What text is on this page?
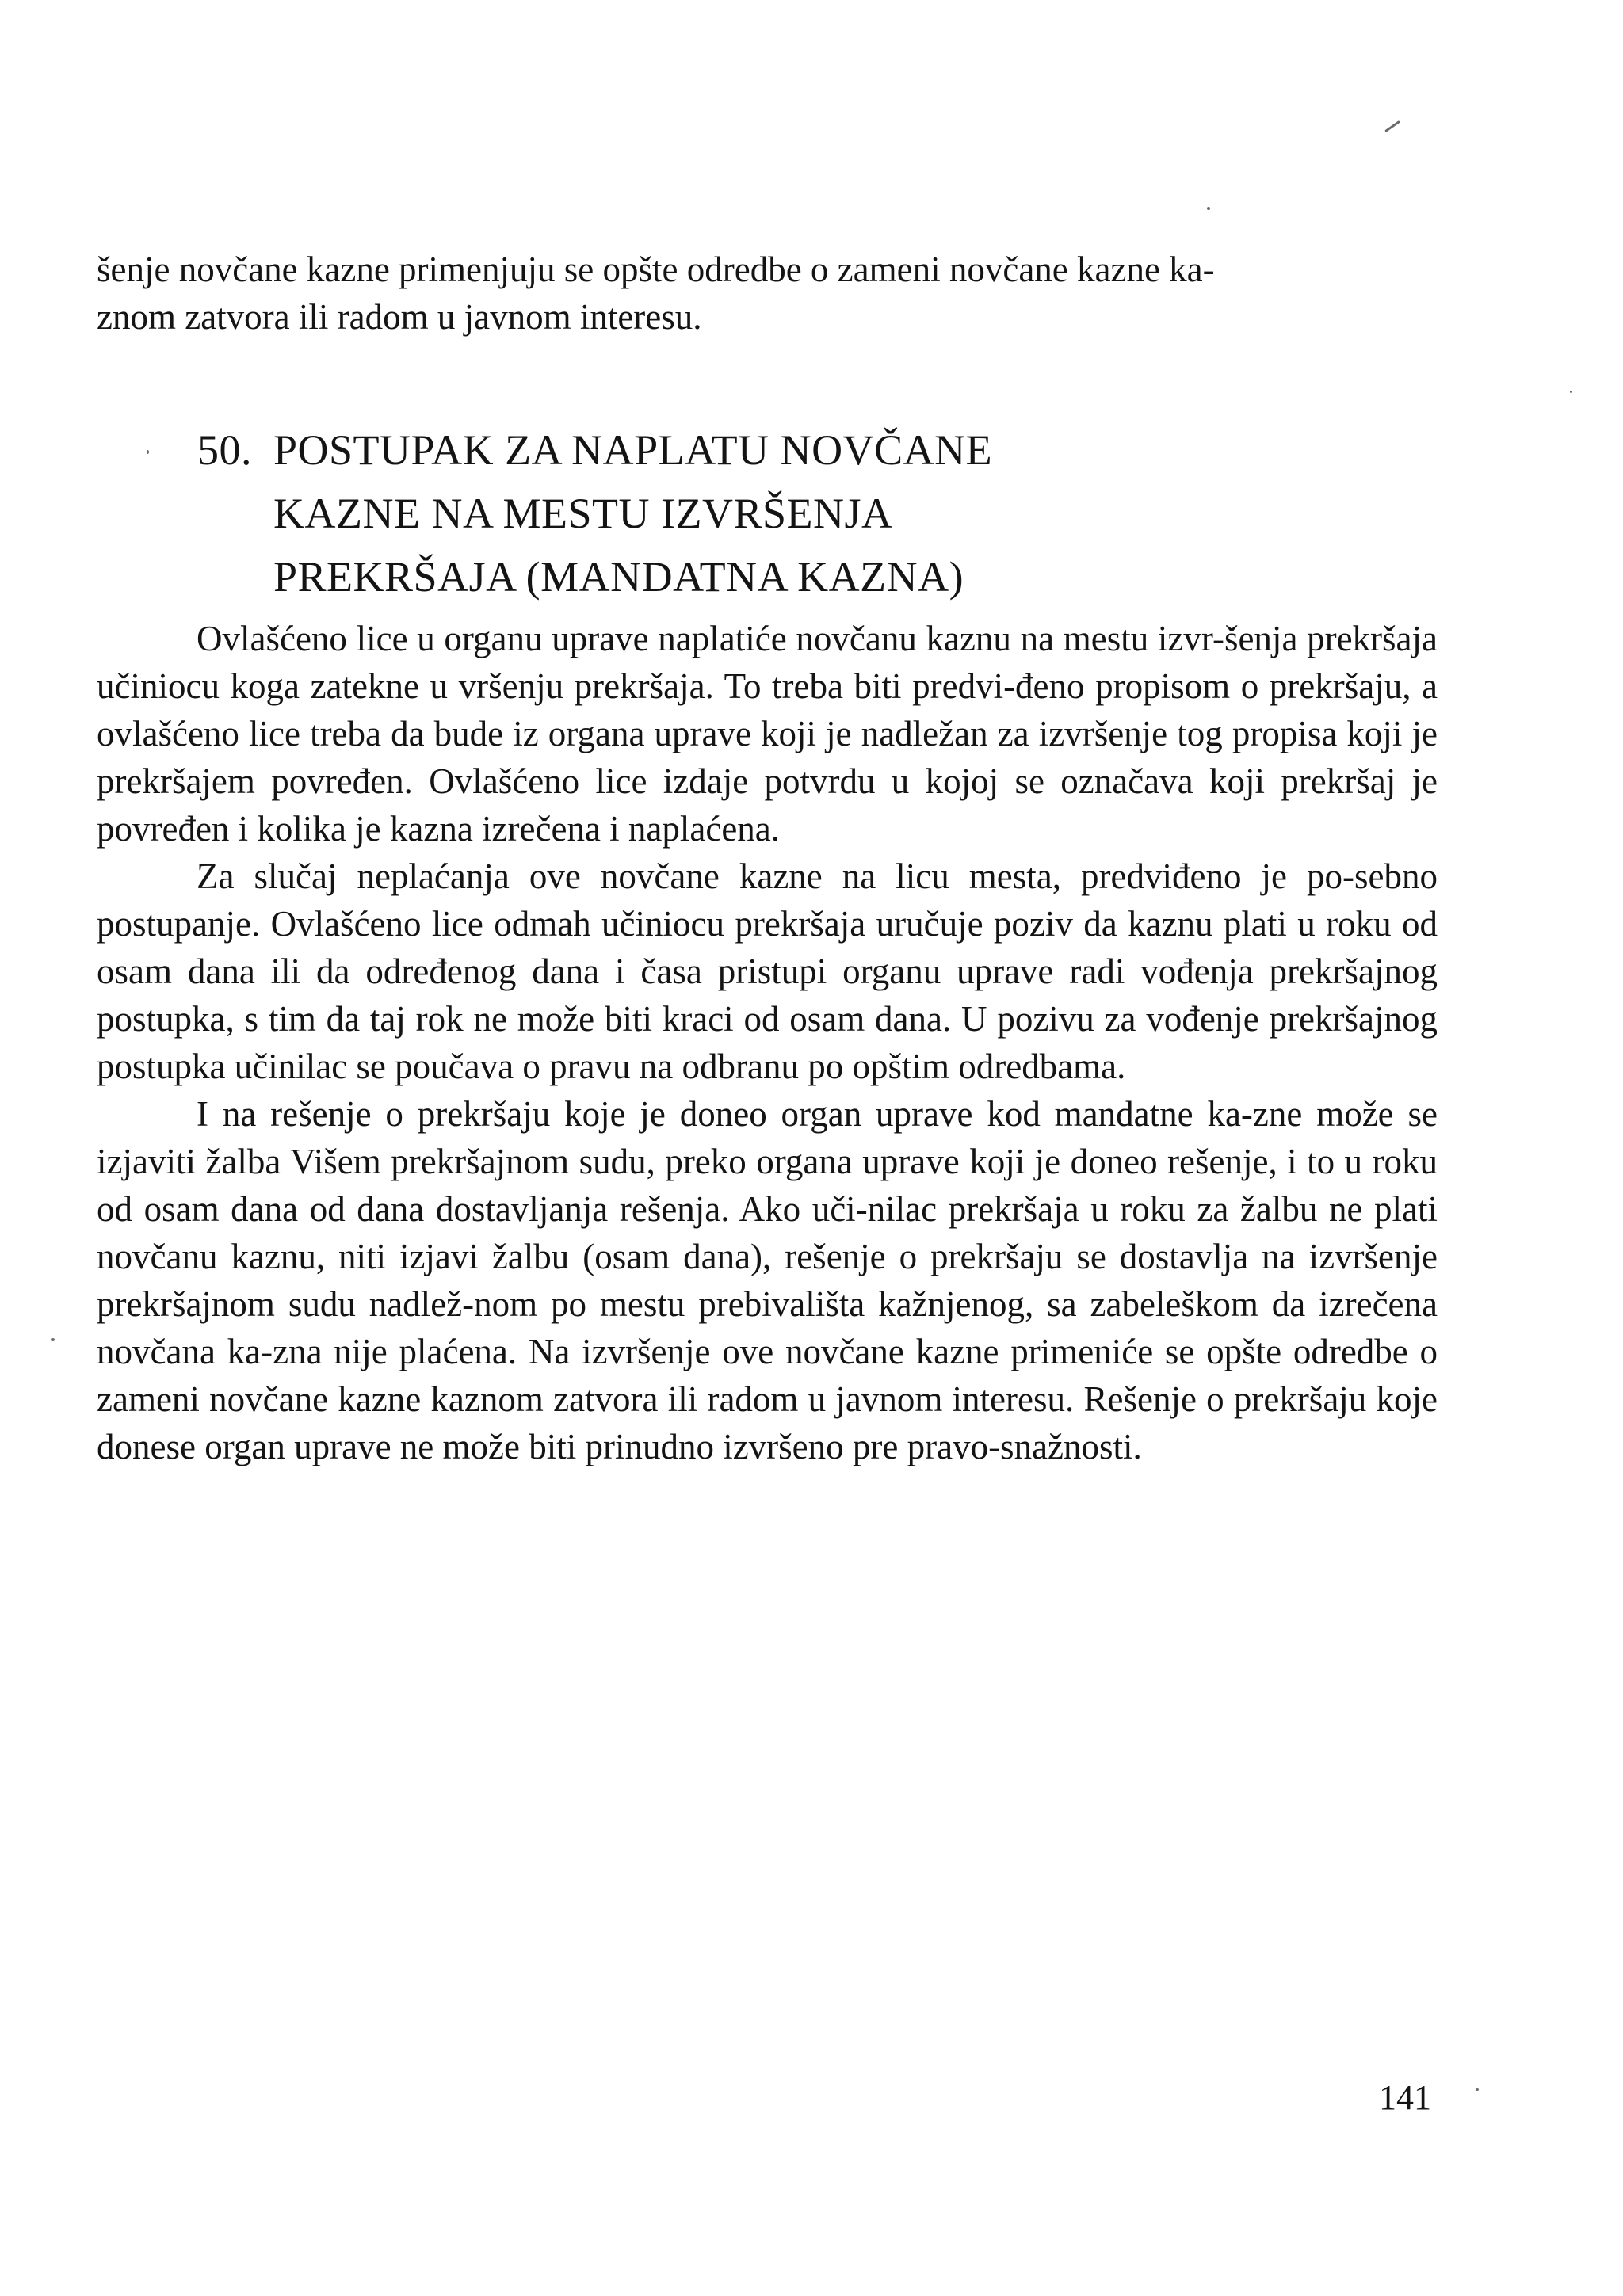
šenje novčane kazne primenjuju se opšte odredbe o zameni novčane kazne ka-
znom zatvora ili radom u javnom interesu.

50. POSTUPAK ZA NAPLATU NOVČANE
KAZNE NA MESTU IZVRŠENJA
PREKRŠAJA (MANDATNA KAZNA)

Ovlašćeno lice u organu uprave naplatiće novčanu kaznu na mestu izvr-šenja prekršaja učiniocu koga zatekne u vršenju prekršaja. To treba biti predvi-đeno propisom o prekršaju, a ovlašćeno lice treba da bude iz organa uprave koji je nadležan za izvršenje tog propisa koji je prekršajem povređen. Ovlašćeno lice izdaje potvrdu u kojoj se označava koji prekršaj je povređen i kolika je kazna izrečena i naplaćena.

Za slučaj neplaćanja ove novčane kazne na licu mesta, predviđeno je po-sebno postupanje. Ovlašćeno lice odmah učiniocu prekršaja uručuje poziv da kaznu plati u roku od osam dana ili da određenog dana i časa pristupi organu uprave radi vođenja prekršajnog postupka, s tim da taj rok ne može biti kraci od osam dana. U pozivu za vođenje prekršajnog postupka učinilac se poučava o pravu na odbranu po opštim odredbama.

I na rešenje o prekršaju koje je doneo organ uprave kod mandatne ka-zne može se izjaviti žalba Višem prekršajnom sudu, preko organa uprave koji je doneo rešenje, i to u roku od osam dana od dana dostavljanja rešenja. Ako uči-nilac prekršaja u roku za žalbu ne plati novčanu kaznu, niti izjavi žalbu (osam dana), rešenje o prekršaju se dostavlja na izvršenje prekršajnom sudu nadlež-nom po mestu prebivališta kažnjenog, sa zabeleškom da izrečena novčana ka-zna nije plaćena. Na izvršenje ove novčane kazne primeniće se opšte odredbe o zameni novčane kazne kaznom zatvora ili radom u javnom interesu. Rešenje o prekršaju koje donese organ uprave ne može biti prinudno izvršeno pre pravo-snažnosti.

141
